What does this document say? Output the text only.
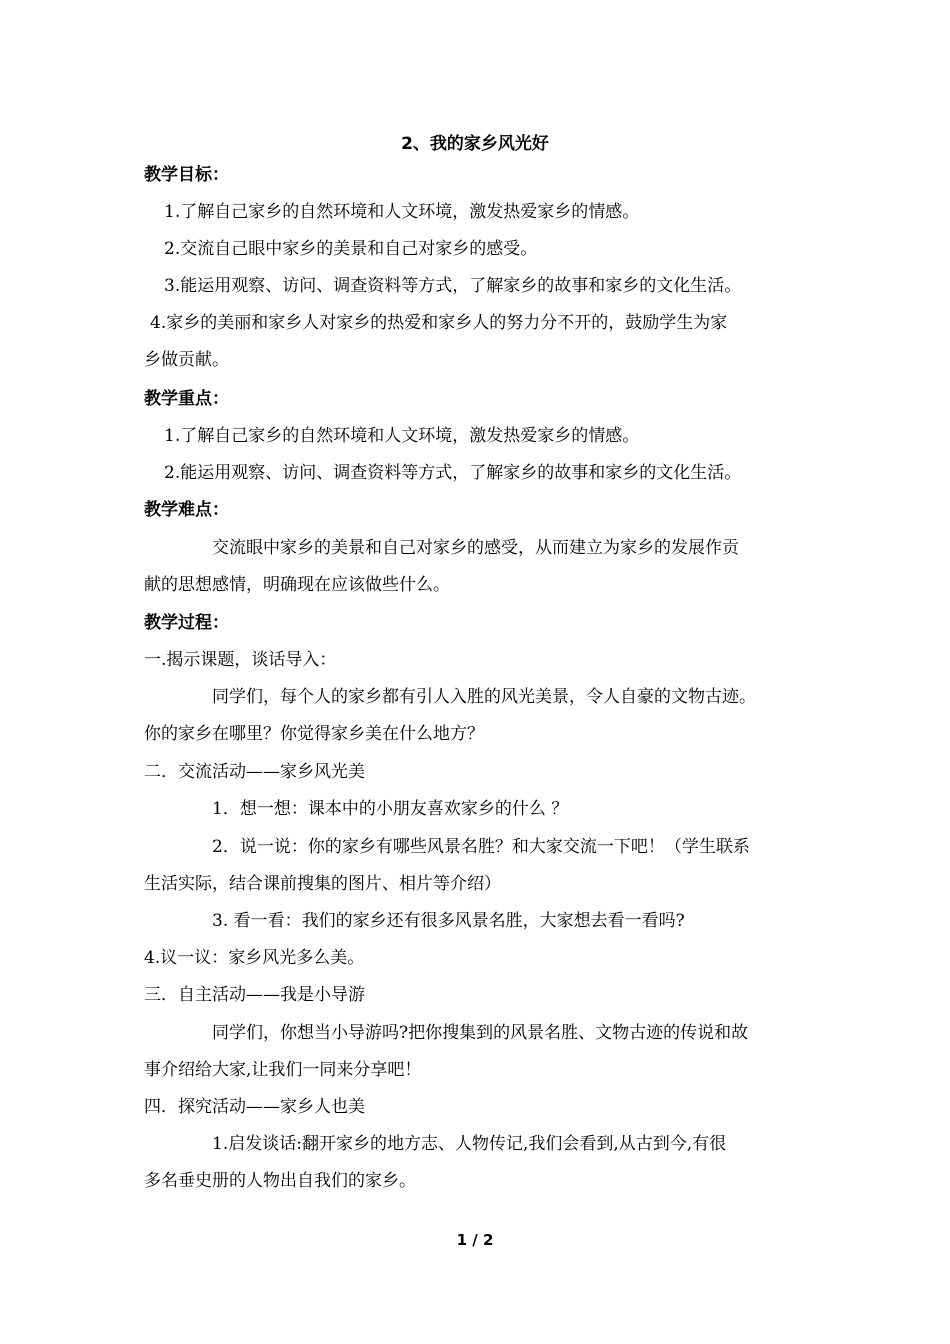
2、我的家乡风光好
教学目标：
1.了解自己家乡的自然环境和人文环境，激发热爱家乡的情感。
2.交流自己眼中家乡的美景和自己对家乡的感受。
3.能运用观察、访问、调查资料等方式，了解家乡的故事和家乡的文化生活。
4.家乡的美丽和家乡人对家乡的热爱和家乡人的努力分不开的，鼓励学生为家
乡做贡献。
教学重点：
1.了解自己家乡的自然环境和人文环境，激发热爱家乡的情感。
2.能运用观察、访问、调查资料等方式，了解家乡的故事和家乡的文化生活。
教学难点：
交流眼中家乡的美景和自己对家乡的感受，从而建立为家乡的发展作贡
献的思想感情，明确现在应该做些什么。
教学过程：
一.揭示课题，谈话导入：
同学们，每个人的家乡都有引人入胜的风光美景，令人自豪的文物古迹。
你的家乡在哪里？你觉得家乡美在什么地方？
二．交流活动——家乡风光美
1．想一想：课本中的小朋友喜欢家乡的什么 ？
2．说一说：你的家乡有哪些风景名胜？和大家交流一下吧！（学生联系
生活实际，结合课前搜集的图片、相片等介绍）
3. 看一看：我们的家乡还有很多风景名胜，大家想去看一看吗?
4.议一议：家乡风光多么美。
三．自主活动——我是小导游
同学们，你想当小导游吗?把你搜集到的风景名胜、文物古迹的传说和故
事介绍给大家,让我们一同来分享吧！
四．探究活动——家乡人也美
1.启发谈话:翻开家乡的地方志、人物传记,我们会看到,从古到今,有很
多名垂史册的人物出自我们的家乡。
1 / 2
